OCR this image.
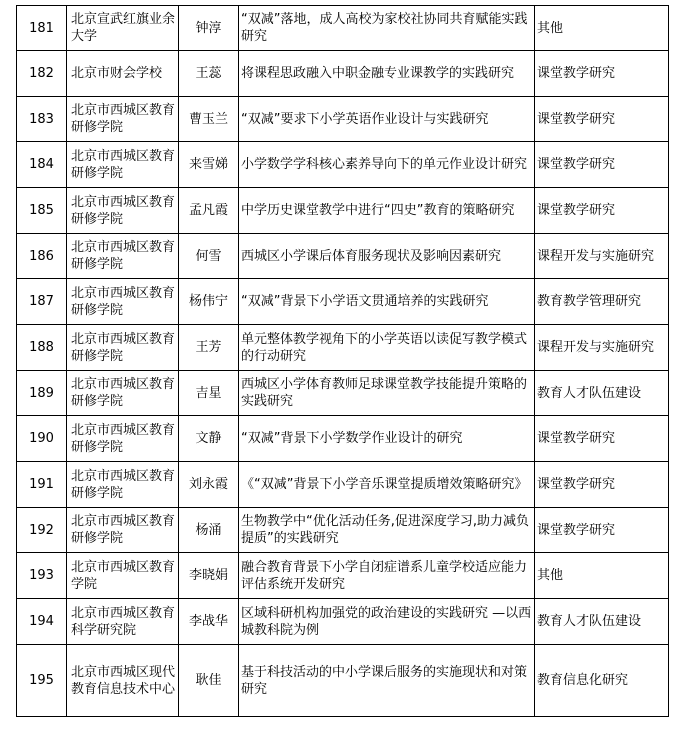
181	北京宣武红旗业余大学	钟淳	“双减”落地，成人高校为家校社协同共育赋能实践研究	其他
182	北京市财会学校	王蕊	将课程思政融入中职金融专业课教学的实践研究	课堂教学研究
183	北京市西城区教育研修学院	曹玉兰	“双减”要求下小学英语作业设计与实践研究	课堂教学研究
184	北京市西城区教育研修学院	来雪娣	小学数学学科核心素养导向下的单元作业设计研究	课堂教学研究
185	北京市西城区教育研修学院	孟凡霞	中学历史课堂教学中进行“四史”教育的策略研究	课堂教学研究
186	北京市西城区教育研修学院	何雪	西城区小学课后体育服务现状及影响因素研究	课程开发与实施研究
187	北京市西城区教育研修学院	杨伟宁	“双减”背景下小学语文贯通培养的实践研究	教育教学管理研究
188	北京市西城区教育研修学院	王芳	单元整体教学视角下的小学英语以读促写教学模式的行动研究	课程开发与实施研究
189	北京市西城区教育研修学院	吉星	西城区小学体育教师足球课堂教学技能提升策略的实践研究	教育人才队伍建设
190	北京市西城区教育研修学院	文静	“双减”背景下小学数学作业设计的研究	课堂教学研究
191	北京市西城区教育研修学院	刘永霞	《“双减”背景下小学音乐课堂提质增效策略研究》	课堂教学研究
192	北京市西城区教育研修学院	杨涌	生物教学中“优化活动任务,促进深度学习,助力减负提质”的实践研究	课堂教学研究
193	北京市西城区教育学院	李晓娟	融合教育背景下小学自闭症谱系儿童学校适应能力评估系统开发研究	其他
194	北京市西城区教育科学研究院	李战华	区域科研机构加强党的政治建设的实践研究 —以西城教科院为例	教育人才队伍建设
195	北京市西城区现代教育信息技术中心	耿佳	基于科技活动的中小学课后服务的实施现状和对策研究	教育信息化研究
